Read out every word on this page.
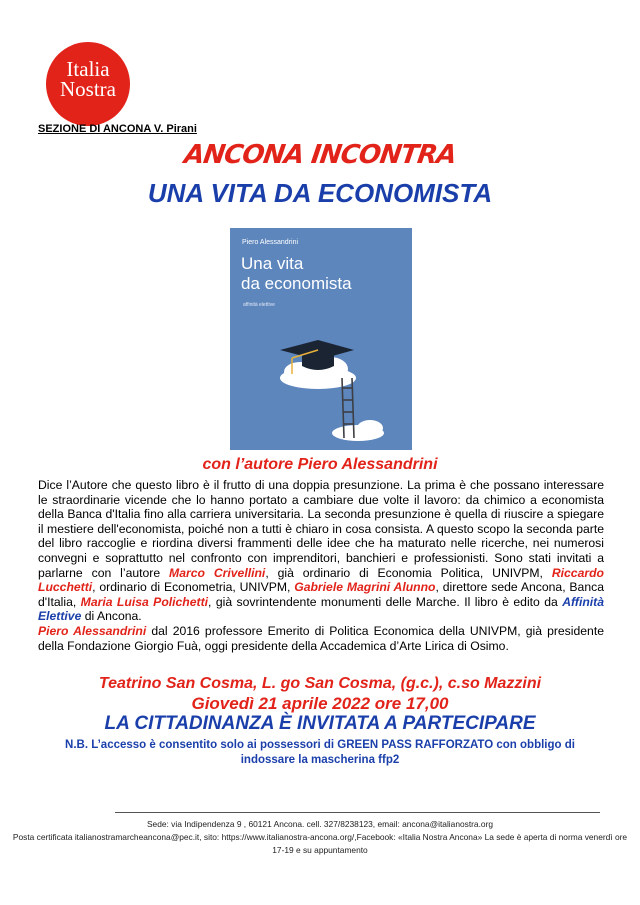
Italia
Nostra
SEZIONE DI ANCONA V. Pirani
ANCONA INCONTRA
UNA VITA DA ECONOMISTA
Piero Alessandrini
Una vita
da economista
affinità elettive
con l’autore Piero Alessandrini
Dice l’Autore che questo libro è il frutto di una doppia presunzione. La prima è che possano interessare le straordinarie vicende che lo hanno portato a cambiare due volte il lavoro: da chimico a economista della Banca d'Italia fino alla carriera universitaria. La seconda presunzione è quella di riuscire a spiegare il mestiere dell'economista, poiché non a tutti è chiaro in cosa consista. A questo scopo la seconda parte del libro raccoglie e riordina diversi frammenti delle idee che ha maturato nelle ricerche, nei numerosi convegni e soprattutto nel confronto con imprenditori, banchieri e professionisti. Sono stati invitati a parlarne con l’autore Marco Crivellini, già ordinario di Economia Politica, UNIVPM, Riccardo Lucchetti, ordinario di Econometria, UNIVPM, Gabriele Magrini Alunno, direttore sede Ancona, Banca d'Italia, Maria Luisa Polichetti, già sovrintendente monumenti delle Marche. Il libro è edito da Affinità Elettive di Ancona.
Piero Alessandrini dal 2016 professore Emerito di Politica Economica della UNIVPM, già presidente della Fondazione Giorgio Fuà, oggi presidente della Accademica d’Arte Lirica di Osimo.
Teatrino San Cosma, L. go San Cosma, (g.c.), c.so Mazzini
Giovedì 21 aprile 2022 ore 17,00
LA CITTADINANZA È INVITATA A PARTECIPARE
N.B. L’accesso è consentito solo ai possessori di GREEN PASS RAFFORZATO con obbligo di indossare la mascherina ffp2
Sede: via Indipendenza 9 , 60121 Ancona. cell. 327/8238123, email: ancona@italianostra.org
Posta certificata italianostramarcheancona@pec.it, sito: https://www.italianostra-ancona.org/,Facebook: «Italia Nostra Ancona» La sede è aperta di norma venerdì ore 17-19 e su appuntamento
